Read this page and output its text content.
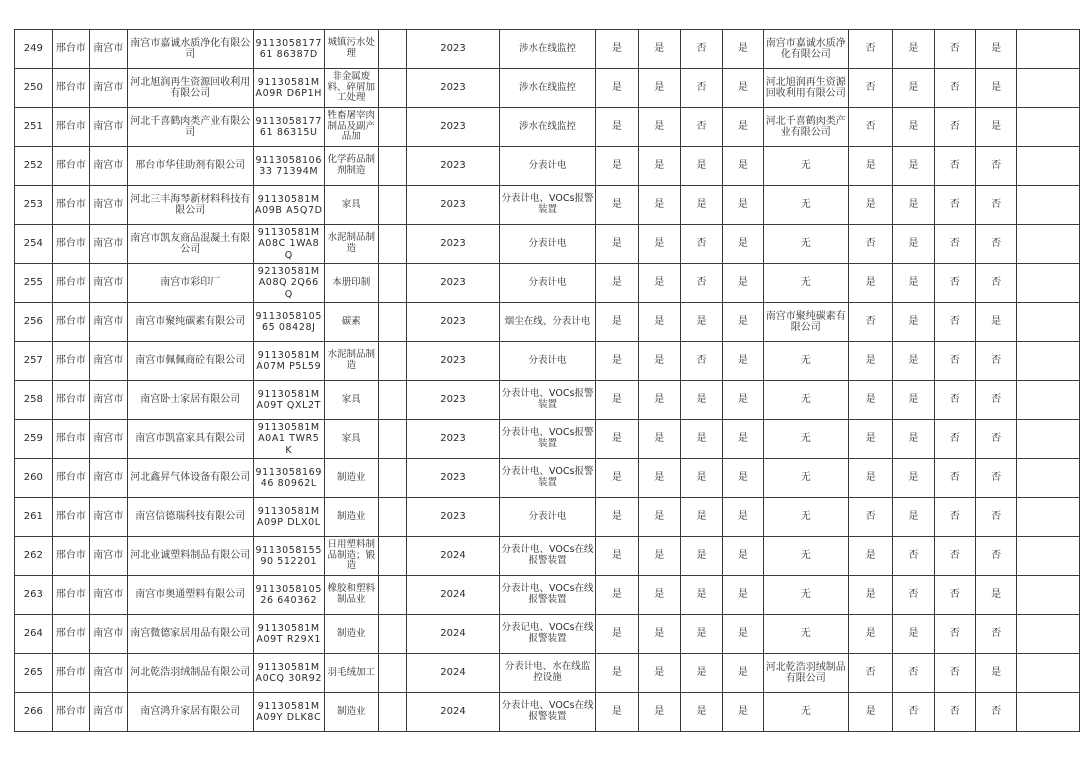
249	邢台市	南宫市	南宫市嘉诚水质净化有限公司	911305817761 86387D	城镇污水处理		2023	涉水在线监控	是	是	否	是	南宫市嘉诚水质净化有限公司	否	是	否	是	
250	邢台市	南宫市	河北旭润再生资源回收利用有限公司	91130581MA09R D6P1H	非金属废料、碎屑加工处理		2023	涉水在线监控	是	是	否	是	河北旭润再生资源回收利用有限公司	否	是	否	是	
251	邢台市	南宫市	河北千喜鹤肉类产业有限公司	911305817761 86315U	牲畜屠宰肉制品及副产品加		2023	涉水在线监控	是	是	否	是	河北千喜鹤肉类产业有限公司	否	是	否	是	
252	邢台市	南宫市	邢台市华佳助剂有限公司	911305810633 71394M	化学药品制剂制造		2023	分表计电	是	是	是	是	无	是	是	否	否	
253	邢台市	南宫市	河北三丰海琴新材料科技有限公司	91130581MA09B A5Q7D	家具		2023	分表计电、VOCs报警装置	是	是	是	是	无	是	是	否	否	
254	邢台市	南宫市	南宫市凯友商品混凝土有限公司	91130581MA08C 1WA8Q	水泥制品制造		2023	分表计电	是	是	否	是	无	否	是	否	否	
255	邢台市	南宫市	南宫市彩印厂	92130581MA08Q 2Q66Q	本册印制		2023	分表计电	是	是	否	是	无	是	是	否	否	
256	邢台市	南宫市	南宫市聚纯碳素有限公司	911305810565 08428J	碳素		2023	烟尘在线、分表计电	是	是	是	是	南宫市聚纯碳素有限公司	否	是	否	是	
257	邢台市	南宫市	南宫市佩佩商砼有限公司	91130581MA07M P5L59	水泥制品制造		2023	分表计电	是	是	否	是	无	是	是	否	否	
258	邢台市	南宫市	南宫卧士家居有限公司	91130581MA09T QXL2T	家具		2023	分表计电、VOCs报警装置	是	是	是	是	无	是	是	否	否	
259	邢台市	南宫市	南宫市凯富家具有限公司	91130581MA0A1 TWR5K	家具		2023	分表计电、VOCs报警装置	是	是	是	是	无	是	是	否	否	
260	邢台市	南宫市	河北鑫昇气体设备有限公司	911305816946 80962L	制造业		2023	分表计电、VOCs报警装置	是	是	是	是	无	是	是	否	否	
261	邢台市	南宫市	南宫信德瑞科技有限公司	91130581MA09P DLX0L	制造业		2023	分表计电	是	是	是	是	无	否	是	否	否	
262	邢台市	南宫市	河北业诚塑料制品有限公司	911305815590 512201	日用塑料制品制造；锻造		2024	分表计电、VOCs在线报警装置	是	是	是	是	无	是	否	否	否	
263	邢台市	南宫市	南宫市奥通塑料有限公司	911305810526 640362	橡胶和塑料制品业		2024	分表计电、VOCs在线报警装置	是	是	是	是	无	是	否	否	是	
264	邢台市	南宫市	南宫微德家居用品有限公司	91130581MA09T R29X1	制造业		2024	分表记电、VOCs在线报警装置	是	是	是	是	无	是	是	否	否	
265	邢台市	南宫市	河北乾浩羽绒制品有限公司	91130581MA0CQ 30R92	羽毛绒加工		2024	分表计电、水在线监控设施	是	是	是	是	河北乾浩羽绒制品有限公司	否	否	否	是	
266	邢台市	南宫市	南宫鸿升家居有限公司	91130581MA09Y DLK8C	制造业		2024	分表计电、VOCs在线报警装置	是	是	是	是	无	是	否	否	否	
